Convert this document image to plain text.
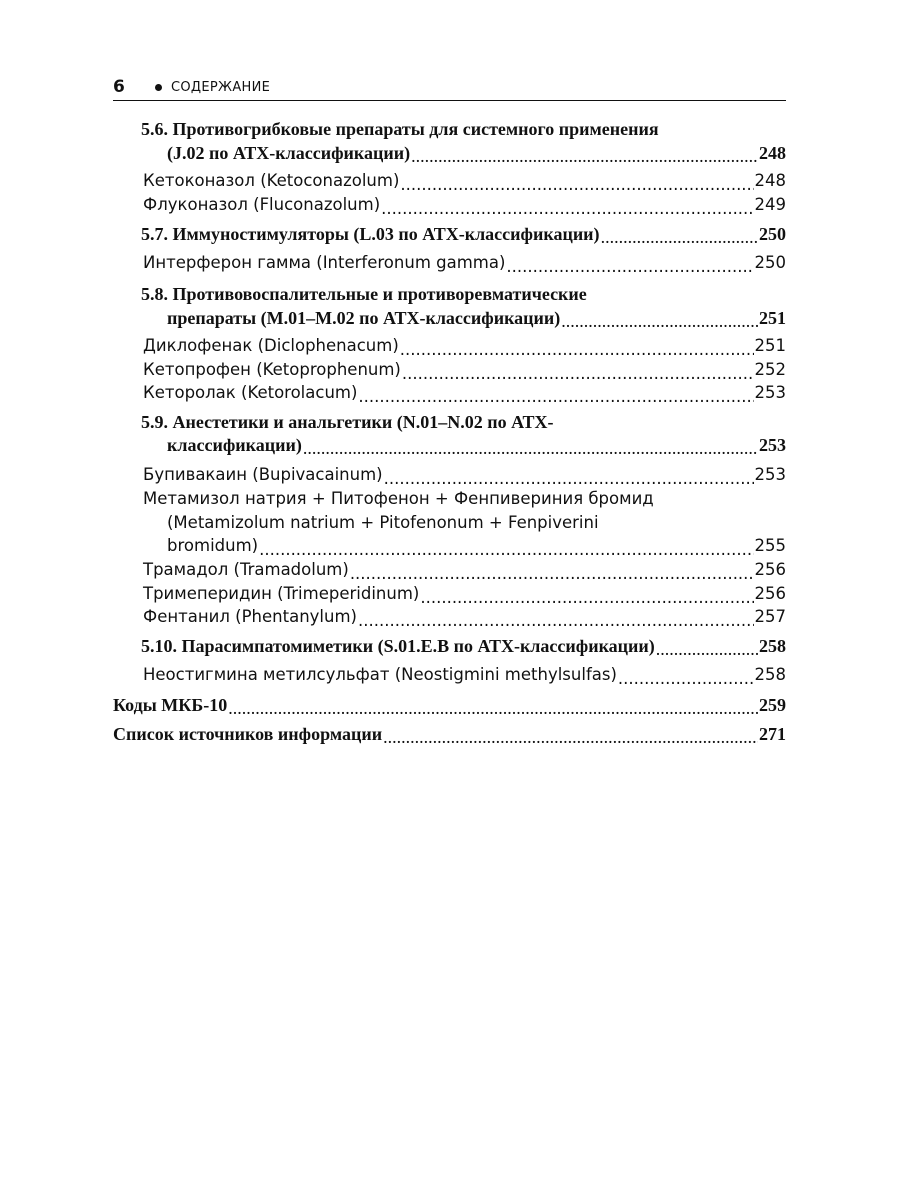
6	СОДЕРЖАНИЕ
5.6. Противогрибковые препараты для системного применения
(J.02 по АТХ-классификации) .....	248
Кетоконазол (Ketoconazolum) .....	248
Флуконазол (Fluconazolum) .....	249
5.7. Иммуностимуляторы (L.03 по АТХ-классификации) .....	250
Интерферон гамма (Interferonum gamma) .....	250
5.8. Противовоспалительные и противоревматические
препараты (М.01–М.02 по АТХ-классификации) .....	251
Диклофенак (Diclophenacum) .....	251
Кетопрофен (Ketoprophenum) .....	252
Кеторолак (Ketorolacum) .....	253
5.9. Анестетики и анальгетики (N.01–N.02 по АТХ-
классификации) .....	253
Бупивакаин (Bupivacainum) .....	253
Метамизол натрия + Питофенон + Фенпивериния бромид
(Metamizolum natrium + Pitofenonum + Fenpiverini
bromidum) .....	255
Трамадол (Tramadolum) .....	256
Тримеперидин (Trimeperidinum) .....	256
Фентанил (Phentanylum) .....	257
5.10. Парасимпатомиметики (S.01.E.B по АТХ-классификации) .....	258
Неостигмина метилсульфат (Neostigmini methylsulfas) .....	258
Коды МКБ-10 .....	259
Список источников информации .....	271
